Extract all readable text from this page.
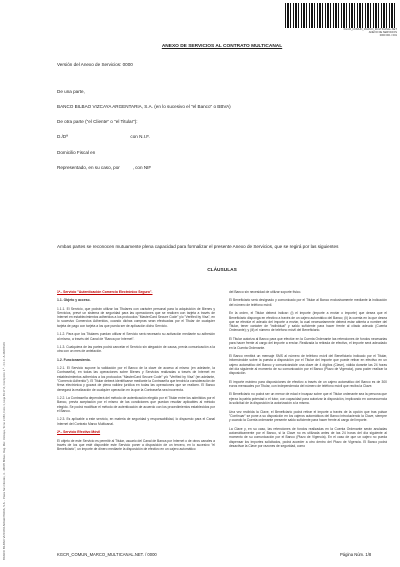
KGCR_COMUN_MARCO_MULTICANAL.NET
ANEXO DE SERVICIOS
0000 001 / 001
BANCO BILBAO VIZCAYA ARGENTARIA, S.A. - Plaza San Nicolás, 4 - 48005 Bilbao. Reg. Mer. Vizcaya, Tomo 2.083, Folio 1, Hoja BI-17 A, Inscripción 1.ª - C.I.F.: A-48265169
ANEXO DE SERVICIOS AL CONTRATO MULTICANAL
Versión del Anexo de Servicios: 0000
De una parte,
BANCO BILBAO VIZCAYA ARGENTARIA, S.A. (en lo sucesivo el "el Banco" o BBVA)
De otra parte ("el Cliente" o "el Titular"):
D./Dª                                                 con N.I.F.
Domicilio Fiscal en
Representado, en su caso, por          , con NIF
Ambas partes se reconocen mutuamente plena capacidad para formalizar el presente Anexo de Servicios, que se regirá por las siguientes
CLÁUSULAS
1ª.- Servicio "Autenticación Comercio Electrónico Seguro".
1.1. Objeto y acceso.

1.1.1. El Servicio, que podrán utilizar los Titulares con carácter personal para la adquisición de Bienes y Servicios, prevé un sistema de seguridad para las operaciones que se realicen con tarjeta a través de Internet en establecimientos adheridos a los protocolos "MasterCard Secure Code" y/o "Verified by Visa", en lo sucesivo Comercios Adheridos, cuando dichas compras sean efectuadas por el Titular de cualquier tarjeta de pago con tarjeta a los que pueda ser de aplicación dicho Servicio.

1.1.2. Para que los Titulares puedan utilizar el Servicio será necesario su activación mediante su adhesión al mismo, a través del Canal de "Banca por Internet".

1.1.3. Cualquiera de las partes podrá cancelar el Servicio sin alegación de causa, previa comunicación a la otra con un mes de antelación.

1.2. Funcionamiento.

1.2.1. El Servicio supone la validación por el Banco de la clave de acceso al mismo (en adelante, la Contraseña), en todas las operaciones sobre Bienes y Servicios realizadas a través de Internet en establecimientos adheridos a los protocolos "MasterCard Secure Code" y/o "Verified by Visa" (en adelante, "Comercio Adherido"). El Titular deberá identificarse mediante la Contraseña que tendrá la consideración de firma electrónica y gozará de plena validez jurídica en todas las operaciones que se realicen. El Banco denegará la realización de cualquier operación en la que la Contraseña sea incorrecta.

1.2.2. La Contraseña dependerá del método de autenticación elegido por el Titular entre los admitidos por el Banco, previa aceptación por el mismo de las condiciones que puedan resultar aplicables al método elegido. Se podrá modificar el método de autenticación de acuerdo con los procedimientos establecidos por el Banco.

1.2.3. Es aplicable a este servicio, en materia de seguridad y responsabilidad, lo dispuesto para el Canal Internet del Contrato Marco Multicanal.

2ª.- Servicio Efectivo Móvil

El objeto de este Servicio es permitir al Titular, usuario del Canal de Banca por Internet o de otros canales a través de los que esté disponible este Servicio poner a disposición de un tercero, en lo sucesivo "el Beneficiario", un importe de dinero mediante la disposición de efectivo en un cajero automático

del Banco sin necesidad de utilizar soporte físico.

El Beneficiario será designado y comunicado por el Titular al Banco exclusivamente mediante la indicación del número de teléfono móvil.

En la orden, el Titular deberá indicar: (i) el importe (importe a enviar o importe) que desea que el Beneficiario disponga en efectivo a través de un cajero automático del Banco; (ii) la cuenta en la que desea que se efectúe el adeudo del importe a enviar, la cual necesariamente deberá estar abierta a nombre del Titular, tener carácter de "individual" y saldo suficiente para hacer frente al citado adeudo (Cuenta Ordenante); y (iii) el número de teléfono móvil del Beneficiario.

El Titular autoriza al Banco para que efectúe en la Cuenta Ordenante las retenciones de fondos necesarias para hacer frente al cargo del importe a enviar. Realizada la retirada de efectivo, el importe será adeudado en la Cuenta Ordenante.

El Banco remitirá un mensaje SMS al número de teléfono móvil del Beneficiario indicado por el Titular, informándole sobre la puesta a disposición por el Titular del importe que puede retirar en efectivo en un cajero automático del Banco y comunicándole una clave de 4 dígitos (Clave), válida durante las 24 horas del día siguiente al momento de su comunicación por el Banco (Plazo de Vigencia), para poder realizar la disposición.

El importe máximo para disposiciones de efectivo a través de un cajero automático del Banco es de 300 euros mensuales por Titular, con independencia del número de teléfono móvil que reciba la Clave.

El Beneficiario no podrá ser un menor de edad e incapaz sobre que el Titular ordenante sea la persona que ejerza la patria potestad o el tutor, con capacidad para autorizar la disposición, implicando en consecuencia la solicitud de la disposición la autorización a la misma.

Una vez recibida la Clave, el Beneficiario podrá retirar el importe a través de la opción que tras pulsar "Continuar" se pone a su disposición en los cajeros automáticos del Banco introduciendo la Clave, siempre y cuando la Cuenta ordenante presente saldo suficiente para hacer frente al cargo del importe.

La Clave y, en su caso, las retenciones de fondos realizadas en la Cuenta Ordenante serán anuladas automáticamente por el Banco, si la Clave no es utilizada antes de las 24 horas del día siguiente al momento de su comunicación por el Banco (Plazo de Vigencia). En el caso de que un cajero no pueda dispensar los importes solicitados, podrá acceder a otro dentro del Plazo de Vigencia. El Banco podrá desactivar la Clave por razones de seguridad, como

KGCR_COMUN_MARCO_MULTICANAL.NET. / 0000	Página Núm. 1/8
